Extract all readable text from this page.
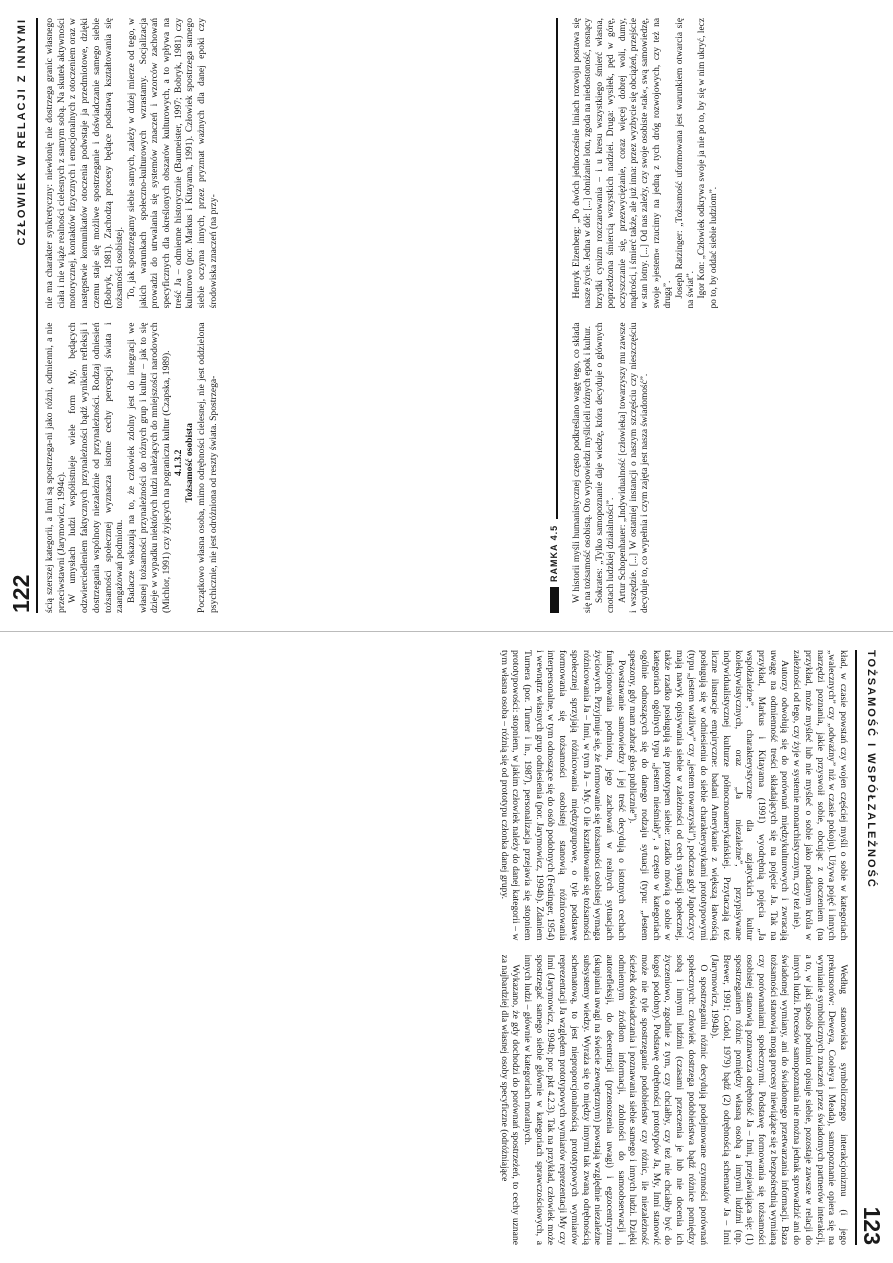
122
CZŁOWIEK W RELACJI Z INNYMI

ścią szerszej kategorii, a Inni są spostrzega-ni jako różni, odmienni, a nie przeciwstawni (Jarymowicz, 1994c). W umysłach ludzi współistnieje wiele form My, będących odzwierciedleniem faktycznych przynależności bądź wynikiem refleksji i dostrzegania wspólnoty niezależnie od przynależności. Rodzaj odniesień tożsamości społecznej wyznacza istotne cechy percepcji świata i zaangażowań podmiotu. Badacze wskazują na to, że człowiek zdolny jest do integracji we własnej tożsamości przynależności do różnych grup i kultur – jak to się dzieje w wypadku niektórych ludzi należących do mniejszości narodowych (Michlor, 1991) czy żyjących na pograniczu kultur (Czapska, 1989). 4.1.3.2 Tożsamość osobista Początkowo własna osoba, mimo odrębności cielesnej, nie jest oddzielona psychicznie, nie jest odróżniona od reszty świata. Spostrzega-

nie ma charakter synkretyczny: niewłonię nie dostrzega granic własnego ciała i nie wiąże realności cielesnych z samym sobą. Na skutek aktywności motorycznej, kontaktów fizycznych i emocjonalnych z otoczeniem oraz w następstwie komunikatów otoczenia podwstaje ja przedmiotowe, dzięki czemu staje się możliwe spostrzeganie i doświadczanie samego siebie (Bobryk, 1981). Zachodzą procesy będące podstawą kształtowania się tożsamości osobistej. To, jak spostrzegamy siebie samych, zależy w dużej mierze od tego, w jakich warunkach społeczno-kulturowych wzrastamy. Socjalizacja prowadzi do utrwalania się systemów znaczeń i wzorców zachowań specyficznych dla określonych obszarów kulturowych, a to wpływa na treść Ja – odmienne historycznie (Baumeister, 1997; Bobryk, 1981) czy kulturowo (por. Markus i Kitayama, 1991). Człowiek spostrzega samego siebie oczyma innych, przez pryzmat ważnych dla danej epoki czy środowiska znaczeń (na przy-

RAMKA 4.5 W historii myśli humanistycznej często podkreślano wagę tego, co składa się na tożsamość osobistą. Oto wypowiedzi myślicieli różnych epok i kultur. Sokrates: „Tylko samopoznanie daje wiedzę, która decyduje o głównych cnotach ludzkiej działalności”. Artur Schopenhauer: „Indywidualność [człowieka] towarzyszy mu zawsze i wszędzie. [...] W ostatniej instancji o naszym szczęściu czy nieszczęściu decyduje to, co wypełnia i czym zajęta jest nasza świadomość”.

Henryk Elzenberg: „Po dwóch jednocześnie liniach rozwoju postawa się nasze życie. Jedna w dół: [...] obniżanie lotu, zgoda na niedostoność, rosnący brzydki cynizm rozczarowania – i u kresu wszystkiego śmierć własna, poprzedzona śmiercią wszystkich nadziei. Druga: wysiłek, pęd w górę, oczyszczanie się, przezwyciężanie, coraz więcej dobrej woli, dumy, mądrości, i śmierć także, ale już inna: przez wyzbycie się obciążeń, przejście w stan lotny. [...] Od nas zależy, czy swoje osobiste »tak«, swą samowiedzę, swoje »jestem« rzucimy na jedną z tych dróg rozwojowych, czy też na drugą”. Joseph Ratzinger: „Tożsamość uformowana jest warunkiem otwarcia się na świat”. Igor Kon: „Człowiek odkrywa swoje ja nie po to, by się w nim ukryć, lecz po to, by oddać siebie ludziom”.

TOŻSAMOŚĆ I WSPÓŁZALEŻNOŚĆ
123

kład, w czasie powstań czy wojen częściej myśli o sobie w kategoriach „walecznych” czy „odważny” niż w czasie pokoju). Używa pojęć i innych narzędzi poznania, jakie przyswoił sobie, obcując z otoczeniem (na przykład, może myśleć lub nie myśleć o sobie jako poddanym króla w zależności od tego, czy żyje w systemie monarchistycznym, czy też nie).

Autorzy odwołują się do porównań międzykulturowych i zwracają uwagę na odmienność treści składających się na pojęcie Ja. Tak na przykład, Markus i Kitayama (1991) wyodrębnią pojęcia „Ja współzależne”, charakterystyczne dla azjatyckich kultur kolektywistycznych, oraz „Ja niezależne”, przypisywane indywidualistycznej kulturze północnoamerykańskiej. Przytaczają też liczne ilustracje empiryczne: badani Amerykanie z większą łatwością posługują się w odniesieniu do siebie charakterystykami prototypowymi (typu „jestem ważliwy” czy „jestem towarzyski”), podczas gdy Japończycy mają nawyk opisywania siebie w zależności od cech sytuacji społecznej, także rzadko posługują się prototypem siebie: rzadko mówią o sobie w kategoriach ogólnych typu „jestem nieśmiały”, a często w kategoriach ogólnie odnoszących się do danego rodzaju sytuacji (typu: „Jestem speszony, gdy mam zabrać głos publicznie”).

Powstawanie samowiedzy i jej treść decydują o istotnych cechach funkcjonowania podmiotu, jego zachowań w realnych sytuacjach życiowych. Przyjmuje się, że formowanie się tożsamości osobistej wymaga różnicowania Ja – Inni, w tym Ja – My. O ile kształtowanie się tożsamości społecznej sprzyjają różnicowania międzygrupowe, o tyle podstawę formowania się tożsamości osobistej stanowią różnicowania interpersonalne, w tym odnoszące się do osób podobnych (Festinger, 1954) i wewnątrz własnych grup odniesienia (por. Jarymowicz, 1994b). Zdaniem Turnera (por. Turner i in., 1987), personalizacja przejawia się stopniem prototypowości: stopniem, w jakim człowiek należy do danej kategorii – w tym własna osoba – różnią się od prototypu członka danej grupy.

Według stanowiska symbolicznego interakcjonizmu (i jego prekursorów: Deweya, Cooleya i Meada), samopoznanie opiera się na wymianie symbolicznych znaczeń przez świadomych partnerów interakcji, a to, w jaki sposób podmiot opisuje siebie, pozostaje zawsze w relacji do innych ludzi. Procesów samopoznania nie można jednak sprowadzić ani do świadomej wymiany, ani do świadomego przetwarzania informacji. Baza tożsamości stanowią mogą procesy niewiążące się z bezpośrednią wymianą czy porównaniami społecznymi. Podstawę formowania się tożsamości osobistej stanowią poznawcza odrębność Ja – Inni, przejawiająca się: (1) spostrzeganiem różnic pomiędzy własną osobą a innymi ludźmi (np. Brewer, 1991; Codol, 1979) bądź (2) odrębnością schematów Ja – Inni (Jarymowicz, 1994b).

O spostrzeganiu różnic decydują podejmowane czynności porównań społecznych: człowiek dostrzega podobieństwa bądź różnice pomiędzy sobą i innymi ludźmi (czasami przeczenia je lub nie docenia ich życzeniowo, zgodnie z tym, czy chciałby, czy też nie chciałby być do kogoś podobny). Podstawę odrębności prototypów Ja, My, Inni stanowić może nie tyle spostrzeganie podobieństw czy różnic, ile niezależność ścieżek doświadczania i poznawania siebie samego i innych ludzi. Dzięki odmiennym źródłom informacji, zdolności do samoobserwacji i autorefleksji, do decentracji (przenoszenia uwagi) i egzocentryzmu (skupiania uwagi na świecie zewnętrznym) powstają względnie niezależne subsystemy wiedzy. Wyraża się to między innymi tak zwaną odrębnością schematową, to jest nieproporcjonalnością prototypowych wymiarów reprezentacji Ja względem prototypowych wymiarów reprezentacji My czy Inni (Jarymowicz, 1994b; por. pkt 4.2.3). Tak na przykład, człowiek może spostrzegać samego siebie głównie w kategoriach sprawczościowych, a innych ludzi – głównie w kategoriach moralnych.

Wykazano, że gdy dochodzi do porównań spostrzeżeń, to cechy uznane za najbardziej dla własnej osoby specyficzne (odróżniające
